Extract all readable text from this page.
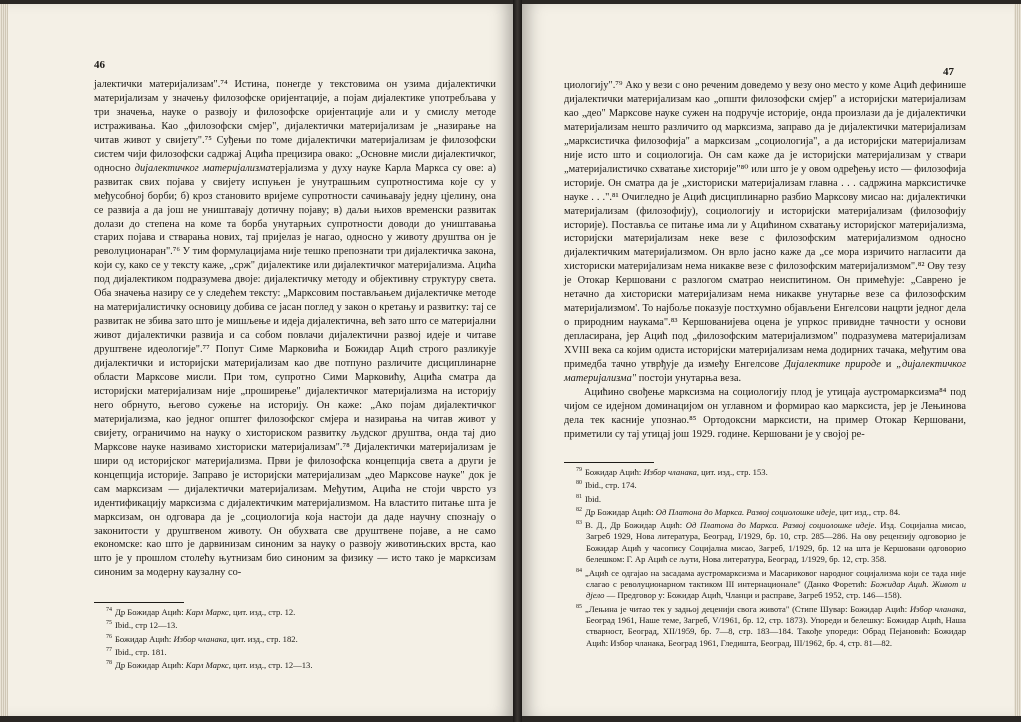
46

јалектички материјализам".⁷⁴ Истина, понегде у текстовима он узима дијалектички материјализам у значењу филозофске оријентације, а појам дијалектике употребљава у три значења, науке о развоју и филозофске оријентације али и у смислу методе истраживања. Као „филозофски смјер", дијалектички материјализам је „назирање на читав живот у свијету".⁷⁵ Суђењи по томе дијалектички материјализам је филозофски систем чији филозофски садржај Ацића прецизира овако: „Основне мисли дијалектичког, односно дијалектичког материјализматерјализма у духу науке Карла Маркса су ове: а) развитак свих појава у свијету испуњен је унутрашњим супротностима које су у међусобној борби; б) кроз становито вријеме супротности сачињавају једну цјелину, она се развија а да још не уништавају дотичну појаву; в) даљи њихов временски развитак долази до степена на коме та борба унутарњих супротности доводи до уништавања старих појава и стварања нових, тај пријелаз је нагао, односно у животу друштва он је револуционаран".⁷⁶ У тим формулацијама није тешко препознати три дијалектичка закона, који су, како се у тексту каже, „срж" дијалектике или дијалектичког материјализма. Ацића под дијалектиком подразумева двоје: дијалектичку методу и објективну структуру света. Оба значења назиру се у следећем тексту: „Марксовим постављањем дијалектичке методе на материјалистичку основицу добива се јасан поглед у закон о кретању и развитку: тај се развитак не збива зато што је мишљење и идеја дијалектична, већ зато што се материјални живот дијалектички развија и са собом повлачи дијалектични развој идеје и читаве друштвене идеологије".⁷⁷ Попут Симе Марковића и Божидар Ацић строго разликује дијалектички и историјски материјализам као две потпуно различите дисциплинарне области Марксове мисли. При том, супротно Сими Марковићу, Ацића сматра да историјски материјализам није „проширење" дијалектичког материјализма на историју него обрнуто, његово сужење на историју. Он каже: „Ако појам дијалектичког материјализма, као једног општег филозофског смјера и назирања на читав живот у свијету, ограничимо на науку о хисториском развитку људског друштва, онда тај дио Марксове науке називамо хисториски материјализам".⁷⁸ Дијалектички материјализам је шири од историјског материјализма. Први је филозофска концепција света а други је концепција историје. Заправо је историјски материјализам „део Марксове науке" док је сам марксизам — дијалектички материјализам. Међутим, Ацића не стоји чврсто уз идентификацију марксизма с дијалектичким материјализмом. На властито питање шта је марксизам, он одговара да је „социологија која настоји да даде научну спознају о законитости у друштвеном животу. Он обухвата све друштвене појаве, а не само економске: као што је дарвинизам синоним за науку о развоју животињских врста, као што је у прошлом столећу њутнизам био синоним за физику — исто тако је марксизам синоним за модерну каузалну со-

$^{74}$ Др Божидар Ацић: Карл Маркс, цит. изд., стр. 12.

$^{75}$ Ibid., стр 12—13.

$^{76}$ Божидар Ацић: Избор чланака, цит. изд., стр. 182.

$^{77}$ Ibid., стр. 181.

$^{78}$ Др Божидар Ацић: Карл Маркс, цит. изд., стр. 12—13.

47

циологију".⁷⁹ Ако у вези с оно реченим доведемо у везу оно место у коме Ацић дефинише дијалектички материјализам као „општи филозофски смјер" а историјски материјализам као „део" Марксове науке сужен на подручје историје, онда произлази да је дијалектички материјализам нешто различито од марксизма, заправо да је дијалектички материјализам „марксистичка филозофија" а марксизам „социологија", а да историјски материјализам није исто што и социологија. Он сам каже да је историјски материјализам у ствари „материјалистичко схватање хисторије"⁸⁰ или што је у овом одређењу исто — филозофија историје. Он сматра да је „хисториски материјализам главна . . . садржина марксистичке науке . . .".⁸¹ Очигледно је Ацић дисциплинарно разбио Марксову мисао на: дијалектички материјализам (филозофију), социологију и историјски материјализам (филозофију историје). Постављa се питање има ли у Ацићином схватању историјског материјализма, историјски материјализам неке везе с филозофским материјализмом односно дијалектичким материјализмом. Он врло јасно каже да „се мора изричито нагласити да хисториски материјализам нема никакве везе с филозофским материјализмом".⁸² Ову тезу је Отокар Кершовани с разлогом сматрао неиспитином. Он примећује: „Саврeно је нетачно да хисториски материјализам нема никакве унутарње везе са филозофским материјализмом'. То најбоље показује постхумно објављени Енгелсови нацрти једног дела о природним наукама".⁸³ Кершованијева оцена је упркос привидне тачности у основи деплаcирана, јер Ацић под „филозофским материјализмом" подразумева материјализам XVIII века са којим одиста историјски материјализам нема додирних тачака, међутим ова примедба тачно утврђује да између Енгелсове Дијалектике природе и „дијалектичког материјализма" постоји унутарња веза.

Ацићино свођење марксизма на социологију плод је утицаја аустромарксизма⁸⁴ под чијом се идејном доминацијом он углавном и формирао као марксиста, јер је Лењинова дела тек касније упознао.⁸⁵ Ортодоксни марксисти, на пример Отокар Кершовани, приметили су тај утицај још 1929. године. Кершовани је у својој ре-

$^{79}$ Божидар Ацић: Избор чланака, цит. изд., стр. 153.

$^{80}$ Ibid., стр. 174.

$^{81}$ Ibid.

$^{82}$ Др Божидар Ацић: Од Платона до Маркса. Развој социолошке идеје, цит изд., стр. 84.

$^{83}$ В. Д., Др Божидар Ацић: Од Платона до Маркса. Развој социолошке идеје. Изд. Социјална мисао, Загреб 1929, Нова литература, Београд, I/1929, бр. 10, стр. 285—286. На ову рецензију одговорио је Божидар Ацић у часопису Социјална мисао, Загреб, 1/1929, бр. 12 на шта је Кершовани одговорио белешком: Г. Ар Ацић се љути, Нова литература, Београд, 1/1929, бр. 12, стр. 358.

$^{84}$ „Ацић се одгајао на засадама аустромарксизма и Масариковог народног социјализма који се тада није слагао с револуционарном тактиком III интернационале" (Данко Форетић: Божидар Ацић. Живот и дјело — Предговор у: Божидар Ацић, Чланци и расправе, Загреб 1952, стр. 146—158).

$^{85}$ „Лењина је читао тек у задњој деценији свога живота" (Стипе Шувар: Божидар Ацић: Избор чланака, Београд 1961, Наше теме, Загреб, V/1961, бр. 12, стр. 1873). Упореди и белешку: Божидар Ацић, Наша стварност, Београд, XII/1959, бр. 7—8, стр. 183—184. Такође упореди: Обрад Пејановић: Божидар Ацић: Избор чланака, Београд 1961, Гледишта, Београд, III/1962, бр. 4, стр. 81—82.
